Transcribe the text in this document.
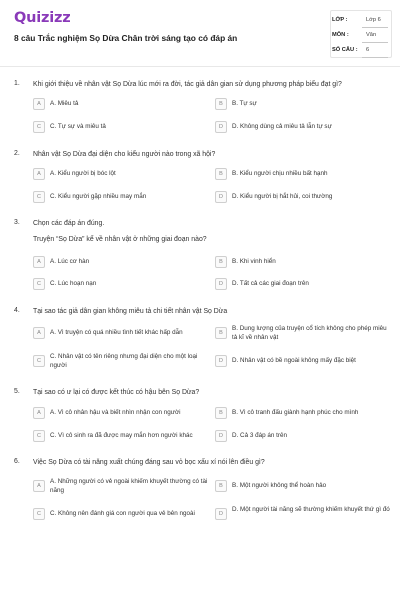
Quizizz
8 câu Trắc nghiệm Sọ Dừa Chân trời sáng tạo có đáp án
LỚP :	Lớp 6
MÔN :	Văn
SỐ CÂU : 6
1. Khi giới thiệu về nhân vật Sọ Dừa lúc mới ra đời, tác giả dân gian sử dụng phương pháp biểu đạt gì?
A	A. Miêu tả	B	B. Tự sự
C	C. Tự sự và miêu tả	D	D. Không dùng cả miêu tả lẫn tự sự
2. Nhân vật Sọ Dừa đại diện cho kiểu người nào trong xã hội?
A	A. Kiểu người bị bóc lột	B	B. Kiểu người chịu nhiều bất hạnh
C	C. Kiểu người gặp nhiều may mắn	D	D. Kiểu người bị hắt hủi, coi thường
3. Chọn các đáp án đúng.
Truyện “Sọ Dừa” kể về nhân vật ở những giai đoạn nào?
A	A. Lúc cơ hàn	B	B. Khi vinh hiển
C	C. Lúc hoạn nạn	D	D. Tất cả các giai đoạn trên
4. Tại sao tác giả dân gian không miêu tả chi tiết nhân vật Sọ Dừa
A	A. Vì truyện có quá nhiều tình tiết khác hấp dẫn	B
B. Dung lượng của truyện cổ tích không cho phép miêu tả kĩ về nhân vật
C
C. Nhân vật có tên riêng nhưng đại diện cho một loại người
D	D. Nhân vật có bề ngoài không mấy đặc biệt
5. Tại sao có ư lại có được kết thúc có hậu bên Sọ Dừa?
A	A. Vì cô nhân hậu và biết nhìn nhận con người	B	B. Vì cô tranh đấu giành hạnh phúc cho mình
C	C. Vì cô sinh ra đã được may mắn hơn người khác	D	D. Cả 3 đáp án trên
6. Việc Sọ Dừa có tài năng xuất chúng đáng sau vỏ bọc xấu xí nói lên điều gì?
A
A. Những người có vẻ ngoài khiếm khuyết thường có tài năng
B	B. Một người không thể hoàn hảo
C	C. Không nên đánh giá con người qua vẻ bên ngoài	D
D. Một người tài năng sẽ thường khiếm khuyết thứ gì đó
